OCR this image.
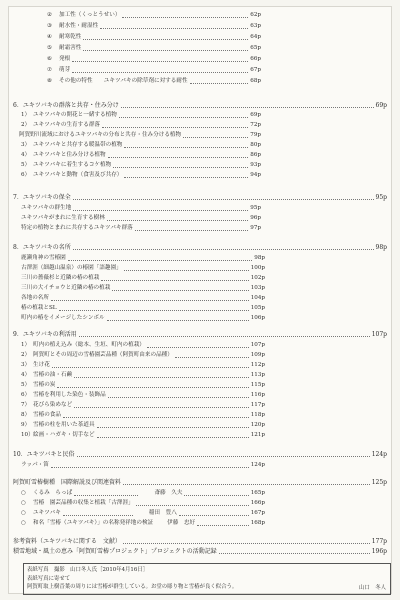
②	加工性（くっとうせい）	62p
③	耐水性・耐湿性	63p
④	耐寒乾性	64p
⑤	耐霜害性	65p
⑥	発根	66p
⑦	萌芽	67p
⑧	その他の特性　　ユキツバキの除草剤に対する耐性	68p
6．ユキツバキの群落と共存・住み分け	69p
1） ユキツバキの開花と一緒する植物	69p
2） ユキツバキの生育する群落	72p
阿賀野川流域におけるユキツバキの分布と共存・住み分ける植物	79p
3） ユキツバキと共存する暖温帯の植物	80p
4） ユキツバキと住み分ける植物	86p
5） ユキツバキに着生するコケ植物	93p
6） ユキツバキと動物（食害及び共存）	94p
7．ユキツバキの保全	95p
ユキツバキの群生地	95p
ユキツバキがまれに生育する樹林	96p
特定の植物とまれに共存するユキツバキ群落	97p
8．ユキツバキの名所	98p
鹿瀬角神の雪椿園	98p
古澤涯（細越山温泉）の椿園「語趣園」	100p
三川の薔薇杉と近隣の椿の植栽	102p
三川の大イチョウと近隣の椿の植栽	103p
各地の名所	104p
椿の植栽とSL	105p
町内の椿をイメージしたシンボル	106p
9．ユキツバキの利活用	107p
1） 町内の植え込み（総本、生垣、町内の植栽）	107p
2） 阿賀町とその周辺の雪椿園芸品種（阿賀町由来の品種）	109p
3） 生け花	112p
4） 雪椿の油・石鹸	113p
5） 雪椿の炭	115p
6） 雪椿を利用した染色・装飾品	116p
7） 花びら染めなど	117p
8） 雪椿の食品	118p
9） 雪椿の柱を用いた茶道具	120p
10） 絵画・ハガキ・切手など	121p
10．ユキツバキと民俗	124p
ラッパ・笛	124p
阿賀町雪椿樹種　国際解説及び関連資料	125p
○	くるみ　らっぱ	斎藤　久夫	165p
○	雪椿　園芸品種の収集と植栽「古澤涯」	166p
○	ユキツバキ	稲田　豊八	167p
○	和名「雪椿（ユキツバキ）」の名称発祥地の検証	伊藤　忠好	168p
参考資料（ユキツバキに関する　文献）	177p
積雪地域・風土の恵み「阿賀町雪椿プロジェクト」プロジェクトの活動記録	196p
表紙写真　撮影　山口冬人氏［2010年4月16日］
表紙写真に寄せて
阿賀町取上樹沓葉の周りには雪椿が群生している。お堂の彫り物と雪椿が良く似合う。	山口　冬人
